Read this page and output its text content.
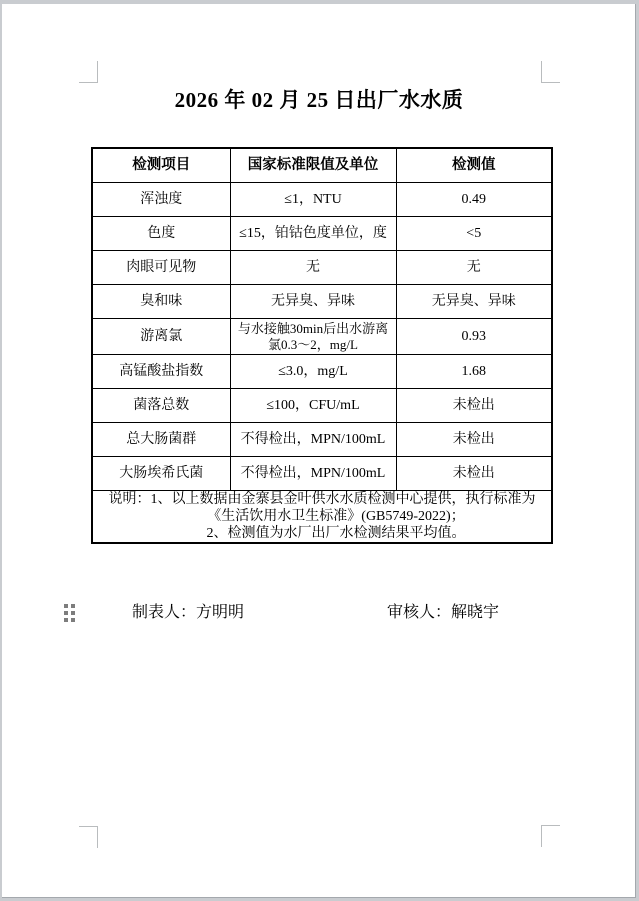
2026 年 02 月 25 日出厂水水质
检测项目	国家标准限值及单位	检测值
浑浊度	≤1，NTU	0.49
色度	≤15，铂钴色度单位，度	<5
肉眼可见物	无	无
臭和味	无异臭、异味	无异臭、异味
游离氯	与水接触30min后出水游离氯0.3～2，mg/L	0.93
高锰酸盐指数	≤3.0，mg/L	1.68
菌落总数	≤100，CFU/mL	未检出
总大肠菌群	不得检出，MPN/100mL	未检出
大肠埃希氏菌	不得检出，MPN/100mL	未检出

说明：1、以上数据由金寨县金叶供水水质检测中心提供，执行标准为《生活饮用水卫生标准》(GB5749-2022)；
2、检测值为水厂出厂水检测结果平均值。		
制表人：方明明	审核人：解晓宇
